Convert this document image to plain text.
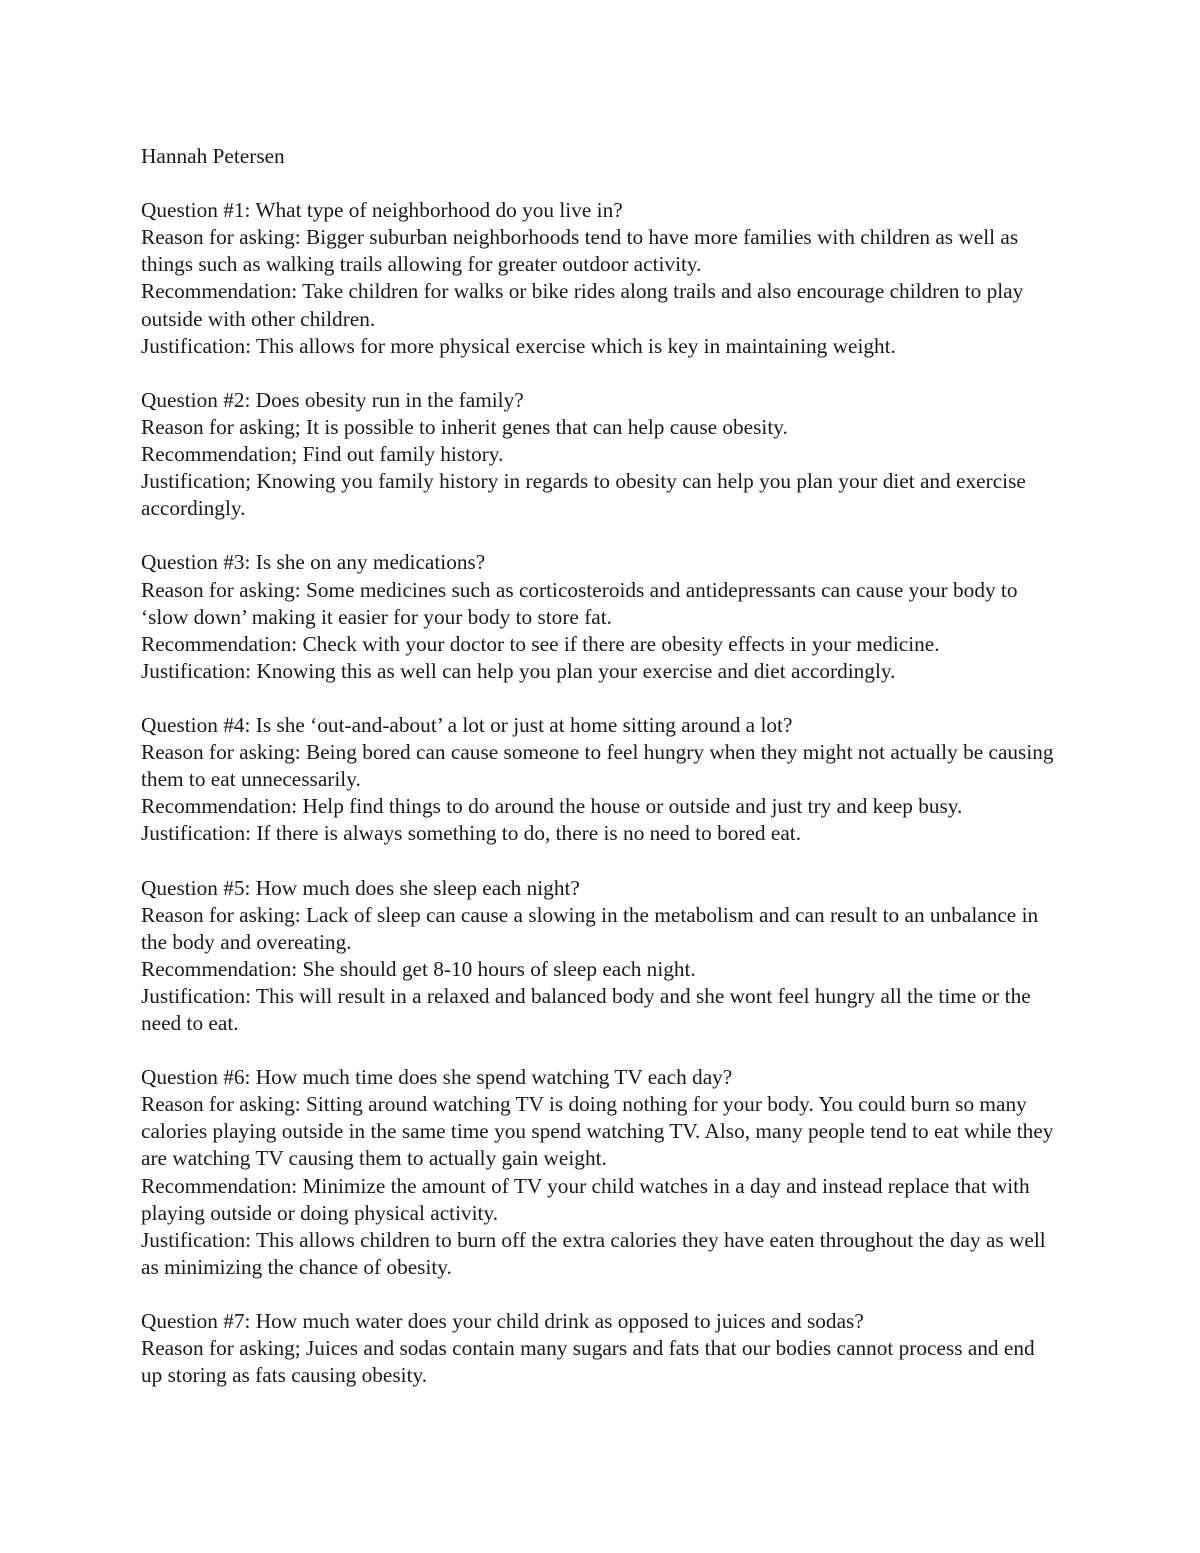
Hannah Petersen

Question #1: What type of neighborhood do you live in?
Reason for asking: Bigger suburban neighborhoods tend to have more families with children as well as things such as walking trails allowing for greater outdoor activity.
Recommendation: Take children for walks or bike rides along trails and also encourage children to play outside with other children.
Justification: This allows for more physical exercise which is key in maintaining weight.
Question #2: Does obesity run in the family?
Reason for asking; It is possible to inherit genes that can help cause obesity.
Recommendation; Find out family history.
Justification; Knowing you family history in regards to obesity can help you plan your diet and exercise accordingly.
Question #3: Is she on any medications?
Reason for asking: Some medicines such as corticosteroids and antidepressants can cause your body to ‘slow down’ making it easier for your body to store fat.
Recommendation: Check with your doctor to see if there are obesity effects in your medicine.
Justification: Knowing this as well can help you plan your exercise and diet accordingly.
Question #4: Is she ‘out-and-about’ a lot or just at home sitting around a lot?
Reason for asking: Being bored can cause someone to feel hungry when they might not actually be causing them to eat unnecessarily.
Recommendation: Help find things to do around the house or outside and just try and keep busy.
Justification: If there is always something to do, there is no need to bored eat.
Question #5: How much does she sleep each night?
Reason for asking: Lack of sleep can cause a slowing in the metabolism and can result to an unbalance in the body and overeating.
Recommendation: She should get 8-10 hours of sleep each night.
Justification: This will result in a relaxed and balanced body and she wont feel hungry all the time or the need to eat.
Question #6: How much time does she spend watching TV each day?
Reason for asking: Sitting around watching TV is doing nothing for your body. You could burn so many calories playing outside in the same time you spend watching TV. Also, many people tend to eat while they are watching TV causing them to actually gain weight.
Recommendation: Minimize the amount of TV your child watches in a day and instead replace that with playing outside or doing physical activity.
Justification: This allows children to burn off the extra calories they have eaten throughout the day as well as minimizing the chance of obesity.
Question #7: How much water does your child drink as opposed to juices and sodas?
Reason for asking; Juices and sodas contain many sugars and fats that our bodies cannot process and end up storing as fats causing obesity.
